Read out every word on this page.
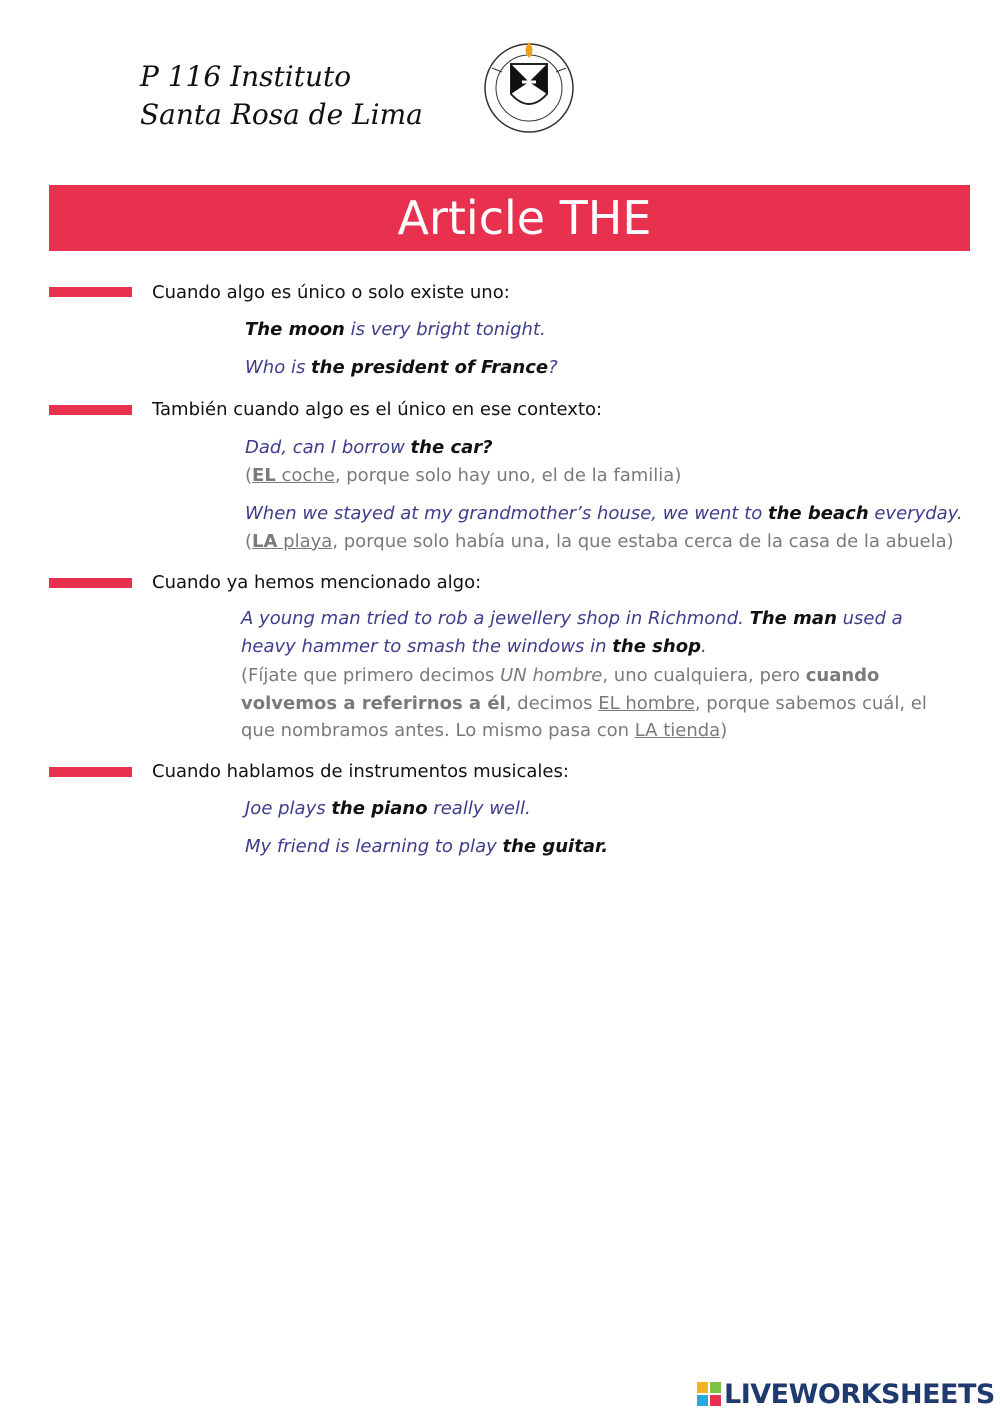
P 116 Instituto
Santa Rosa de Lima
Article THE
Cuando algo es único o solo existe uno:
The moon is very bright tonight.
Who is the president of France?
También cuando algo es el único en ese contexto:
Dad, can I borrow the car?
(EL coche, porque solo hay uno, el de la familia)
When we stayed at my grandmother’s house, we went to the beach everyday.
(LA playa, porque solo había una, la que estaba cerca de la casa de la abuela)
Cuando ya hemos mencionado algo:
A young man tried to rob a jewellery shop in Richmond. The man used a heavy hammer to smash the windows in the shop.
(Fíjate que primero decimos UN hombre, uno cualquiera, pero cuando volvemos a referirnos a él, decimos EL hombre, porque sabemos cuál, el que nombramos antes. Lo mismo pasa con LA tienda)
Cuando hablamos de instrumentos musicales:
Joe plays the piano really well.
My friend is learning to play the guitar.
LIVEWORKSHEETS
